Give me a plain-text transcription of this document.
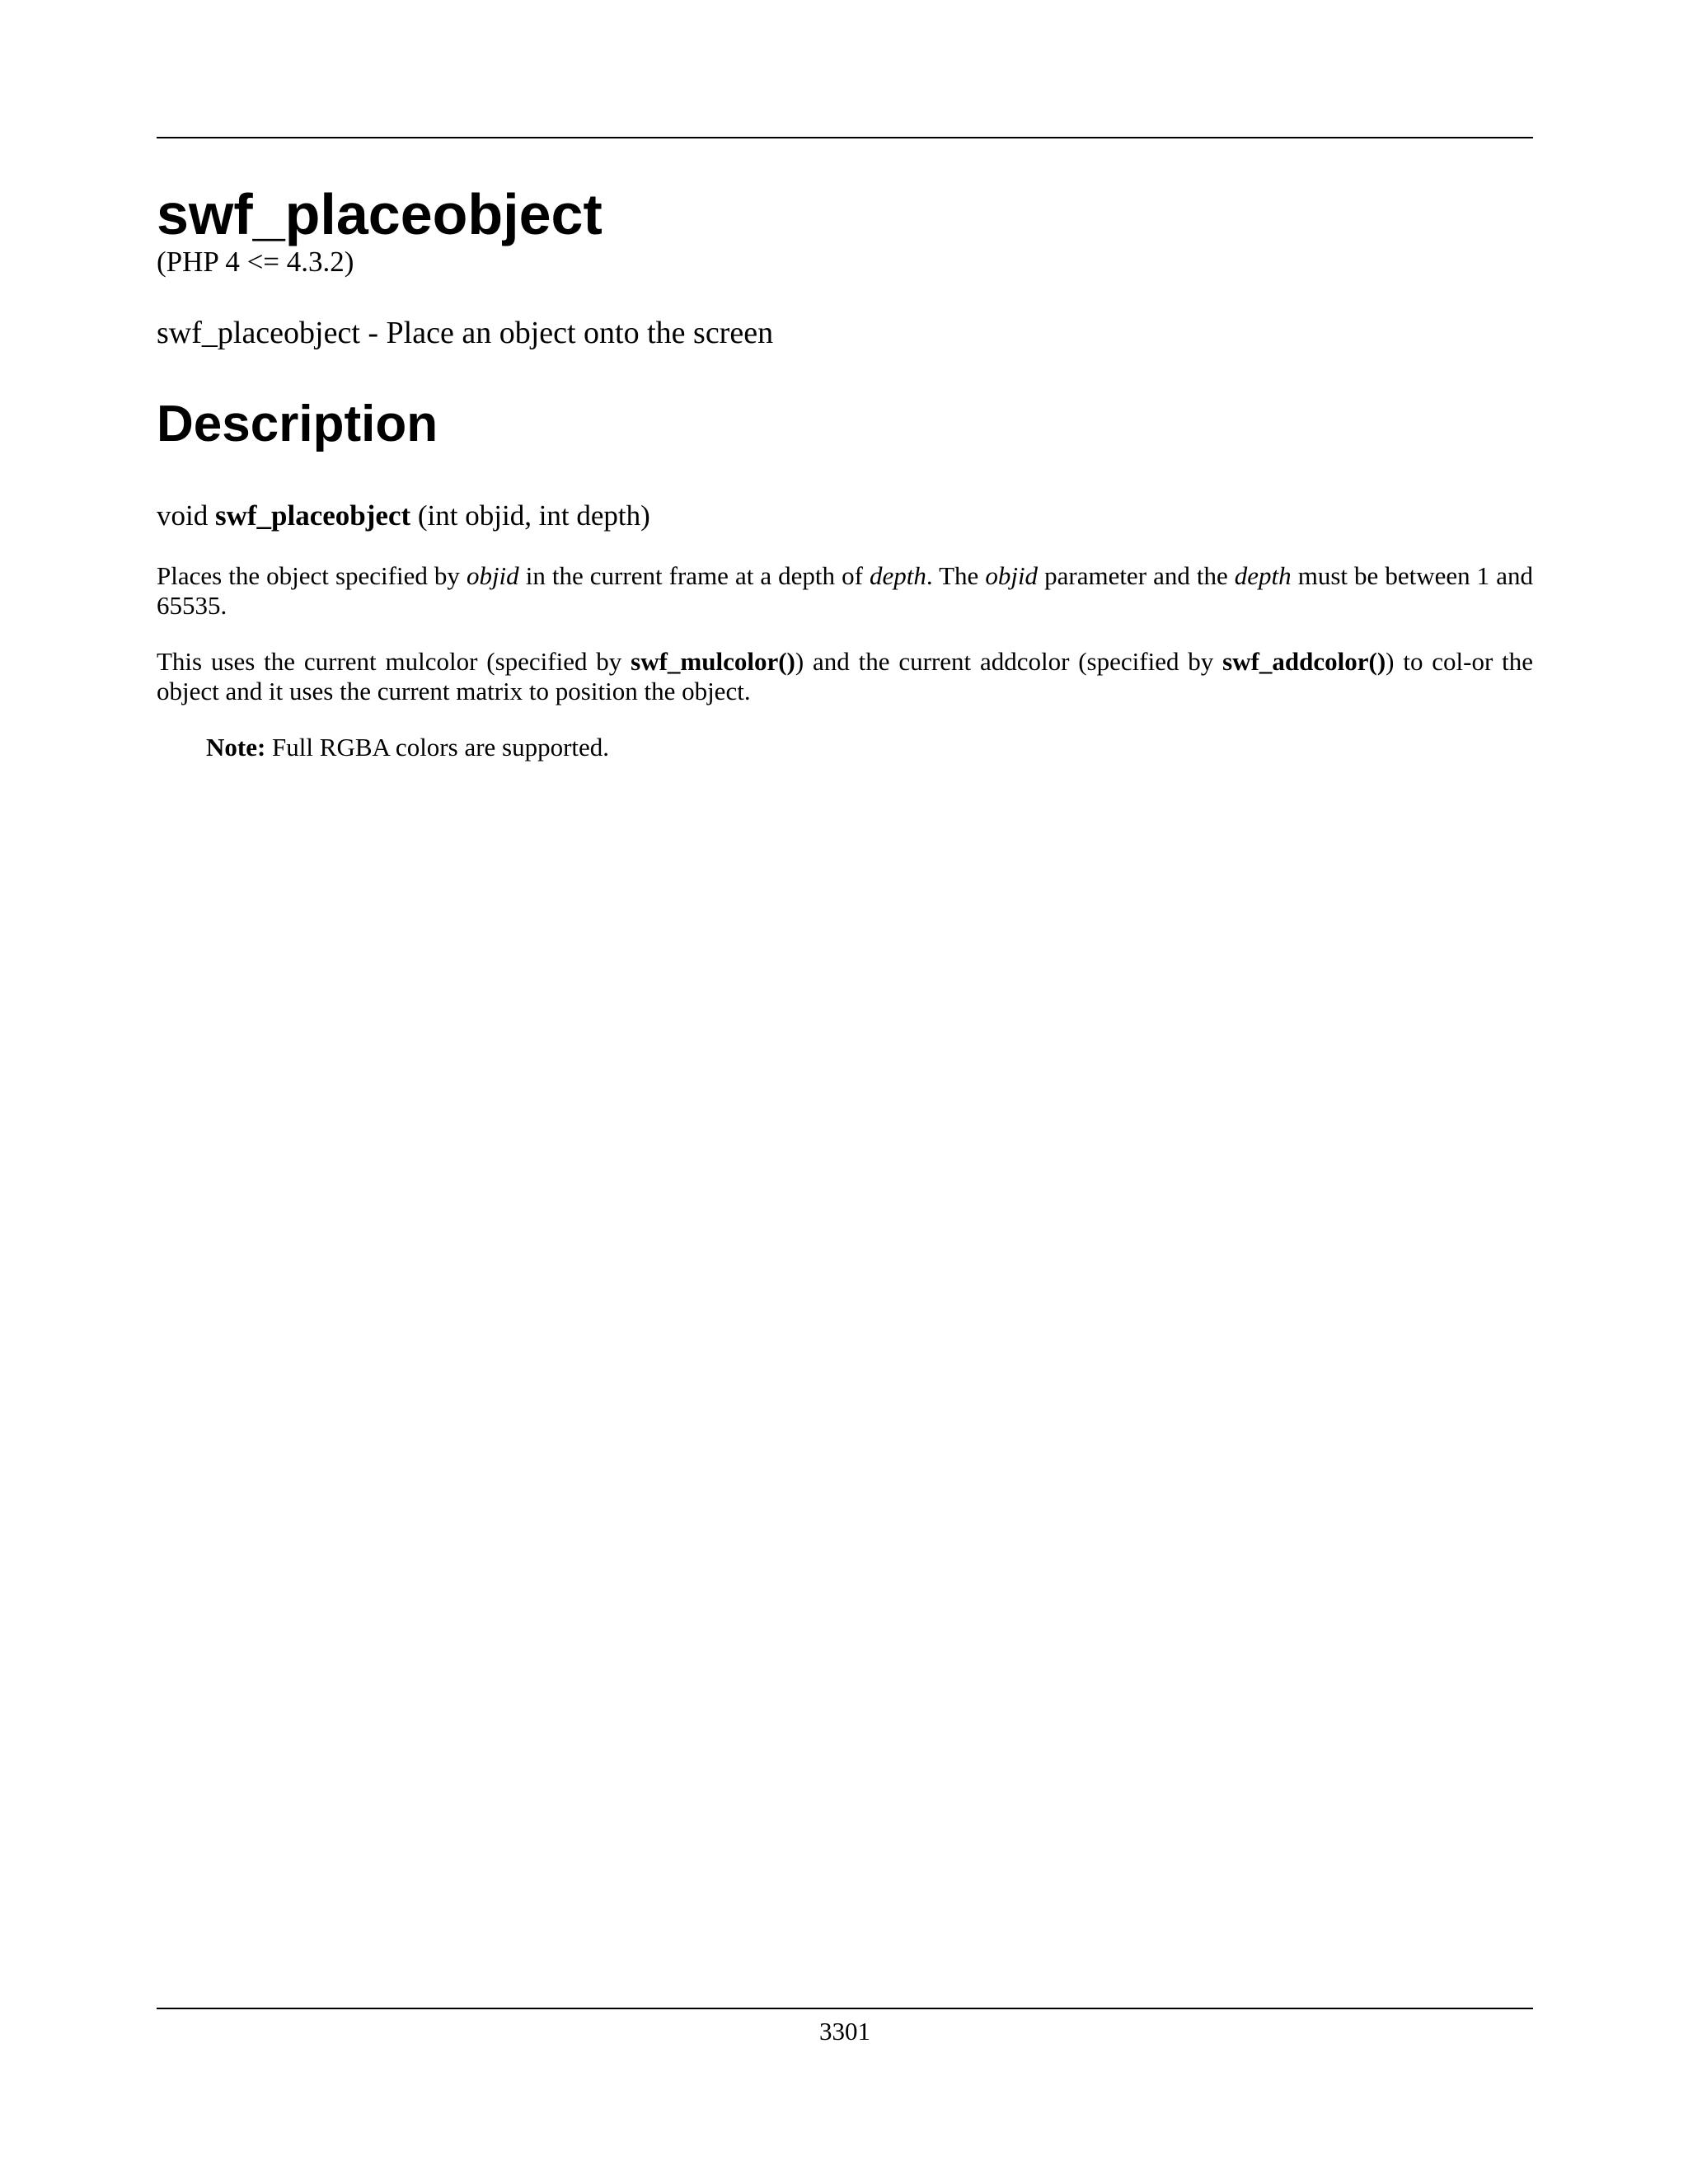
swf_placeobject

(PHP 4 <= 4.3.2)

swf_placeobject - Place an object onto the screen

Description

void swf_placeobject (int objid, int depth)

Places the object specified by objid in the current frame at a depth of depth. The objid parameter and the depth must be between 1 and 65535.

This uses the current mulcolor (specified by swf_mulcolor()) and the current addcolor (specified by swf_addcolor()) to col-or the object and it uses the current matrix to position the object.

Note: Full RGBA colors are supported.

3301
